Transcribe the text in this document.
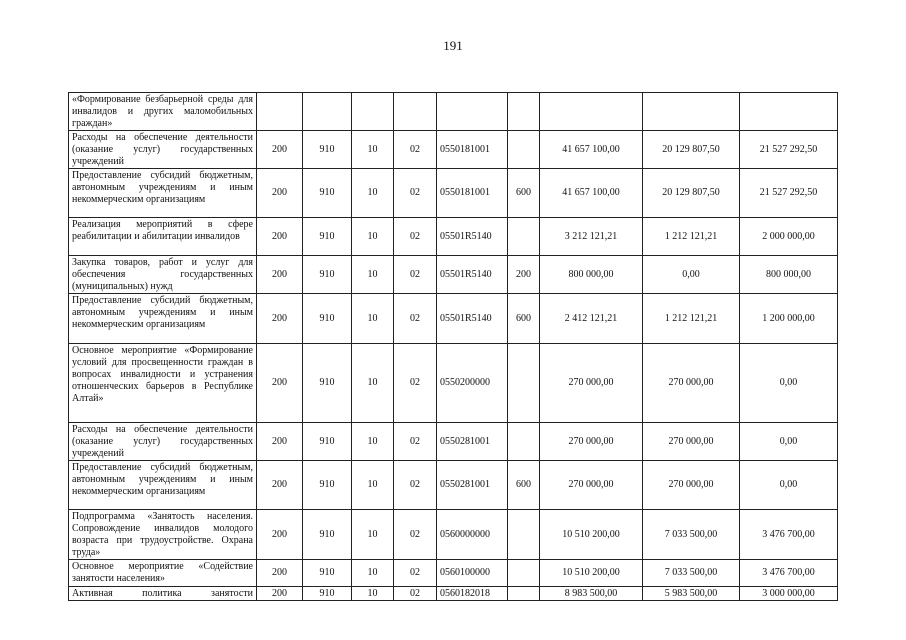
191
«Формирование безбарьерной среды для инвалидов и других маломобильных граждан»									
Расходы на обеспечение деятельности (оказание услуг) государственных учреждений	200	910	10	02	0550181001		41 657 100,00	20 129 807,50	21 527 292,50
Предоставление субсидий бюджетным, автономным учреждениям и иным некоммерческим организациям	200	910	10	02	0550181001	600	41 657 100,00	20 129 807,50	21 527 292,50
Реализация мероприятий в сфере реабилитации и абилитации инвалидов	200	910	10	02	05501R5140		3 212 121,21	1 212 121,21	2 000 000,00
Закупка товаров, работ и услуг для обеспечения государственных (муниципальных) нужд	200	910	10	02	05501R5140	200	800 000,00	0,00	800 000,00
Предоставление субсидий бюджетным, автономным учреждениям и иным некоммерческим организациям	200	910	10	02	05501R5140	600	2 412 121,21	1 212 121,21	1 200 000,00
Основное мероприятие «Формирование условий для просвещенности граждан в вопросах инвалидности и устранения отношенческих барьеров в Республике Алтай»	200	910	10	02	0550200000		270 000,00	270 000,00	0,00
Расходы на обеспечение деятельности (оказание услуг) государственных учреждений	200	910	10	02	0550281001		270 000,00	270 000,00	0,00
Предоставление субсидий бюджетным, автономным учреждениям и иным некоммерческим организациям	200	910	10	02	0550281001	600	270 000,00	270 000,00	0,00
Подпрограмма «Занятость населения. Сопровождение инвалидов молодого возраста при трудоустройстве. Охрана труда»	200	910	10	02	0560000000		10 510 200,00	7 033 500,00	3 476 700,00
Основное мероприятие «Содействие занятости населения»	200	910	10	02	0560100000		10 510 200,00	7 033 500,00	3 476 700,00
Активная политика занятости	200	910	10	02	0560182018		8 983 500,00	5 983 500,00	3 000 000,00
